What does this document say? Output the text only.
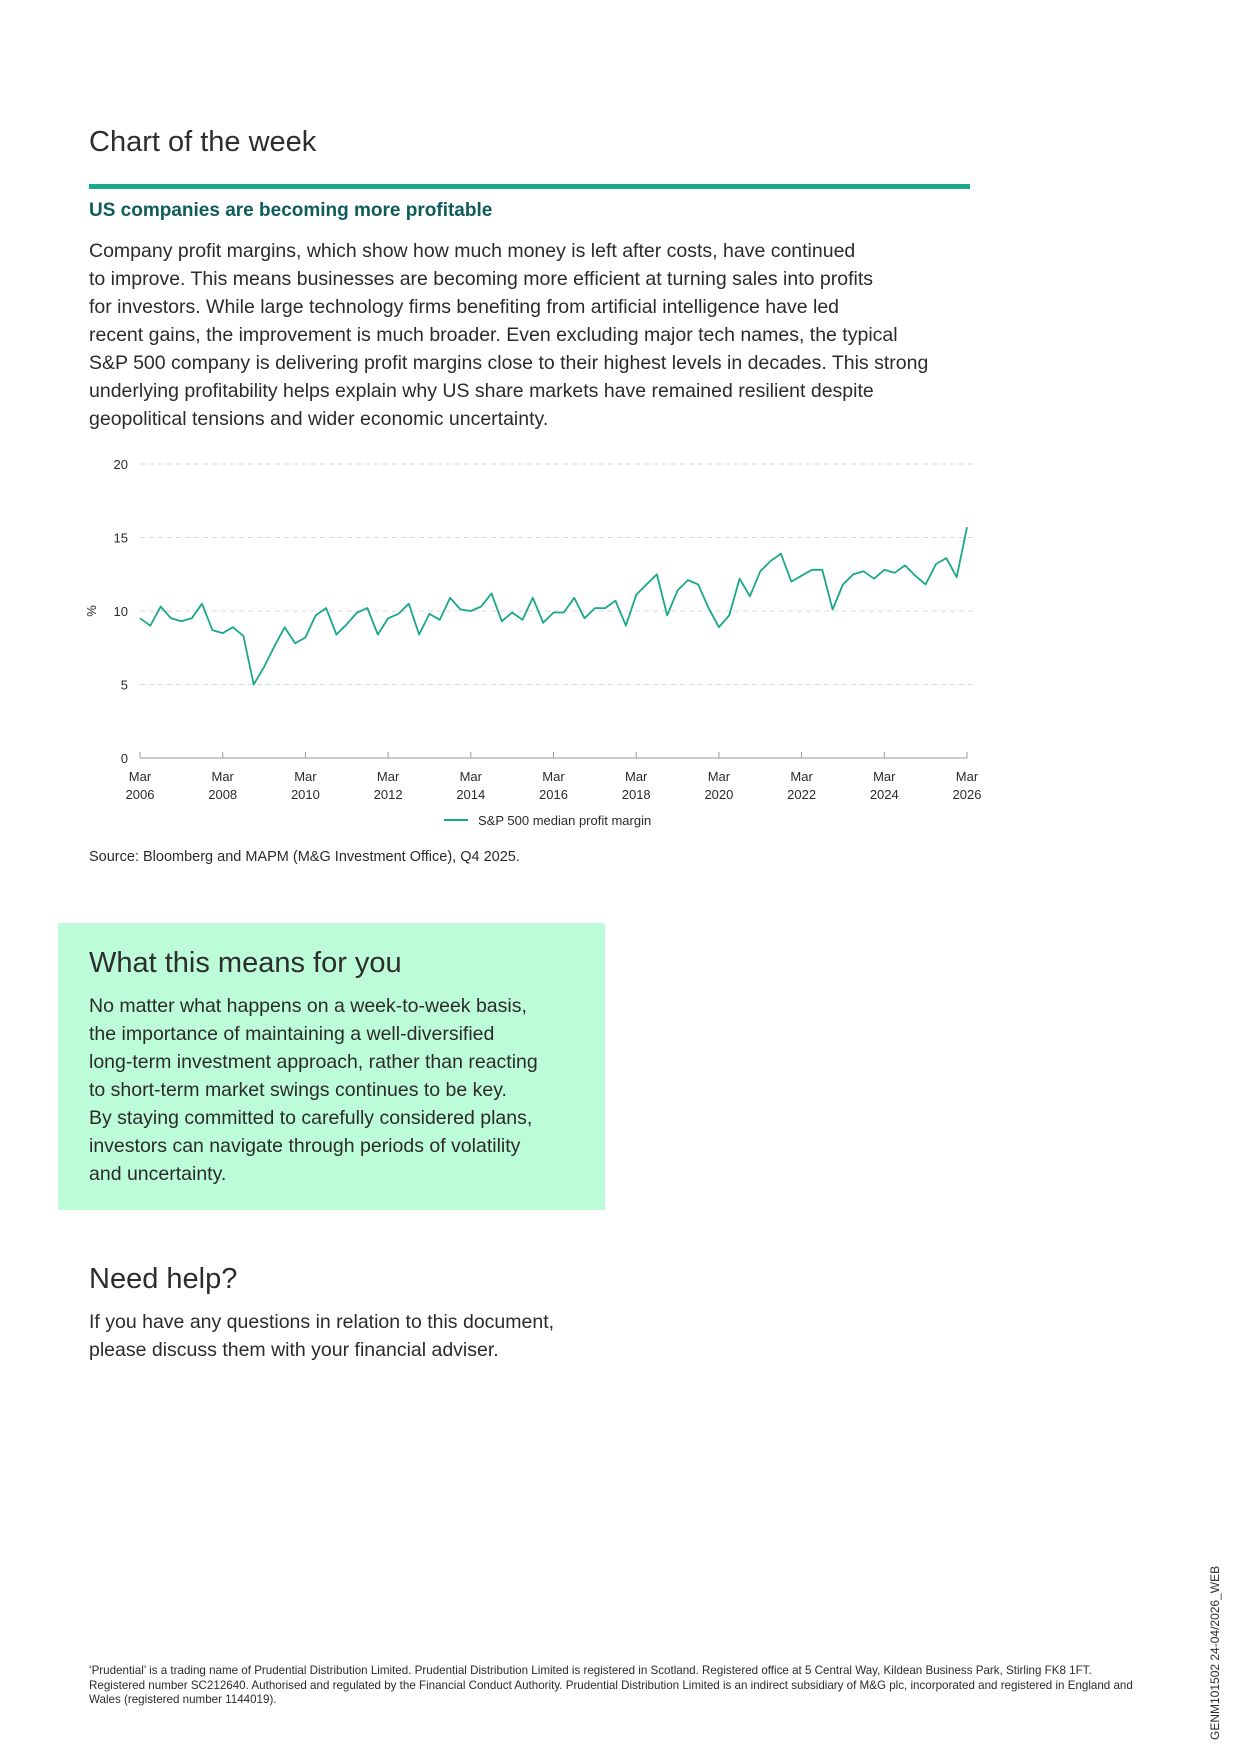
Chart of the week
US companies are becoming more profitable
Company profit margins, which show how much money is left after costs, have continued
to improve. This means businesses are becoming more efficient at turning sales into profits
for investors. While large technology firms benefiting from artificial intelligence have led
recent gains, the improvement is much broader. Even excluding major tech names, the typical
S&P 500 company is delivering profit margins close to their highest levels in decades. This strong
underlying profitability helps explain why US share markets have remained resilient despite
geopolitical tensions and wider economic uncertainty.
0
5
10
15
20
%
Mar
2006
Mar
2008
Mar
2010
Mar
2012
Mar
2014
Mar
2016
Mar
2018
Mar
2020
Mar
2022
Mar
2024
Mar
2026
S&P 500 median profit margin
Source: Bloomberg and MAPM (M&G Investment Office), Q4 2025.
What this means for you
No matter what happens on a week-to-week basis,
the importance of maintaining a well-diversified
long-term investment approach, rather than reacting
to short-term market swings continues to be key.
By staying committed to carefully considered plans,
investors can navigate through periods of volatility
and uncertainty.
Need help?
If you have any questions in relation to this document,
please discuss them with your financial adviser.
‘Prudential’ is a trading name of Prudential Distribution Limited. Prudential Distribution Limited is registered in Scotland. Registered office at 5 Central Way, Kildean Business Park, Stirling FK8 1FT. Registered number SC212640. Authorised and regulated by the Financial Conduct Authority. Prudential Distribution Limited is an indirect subsidiary of M&G plc, incorporated and registered in England and Wales (registered number 1144019).	GENM101502 24-04/2026_WEB
